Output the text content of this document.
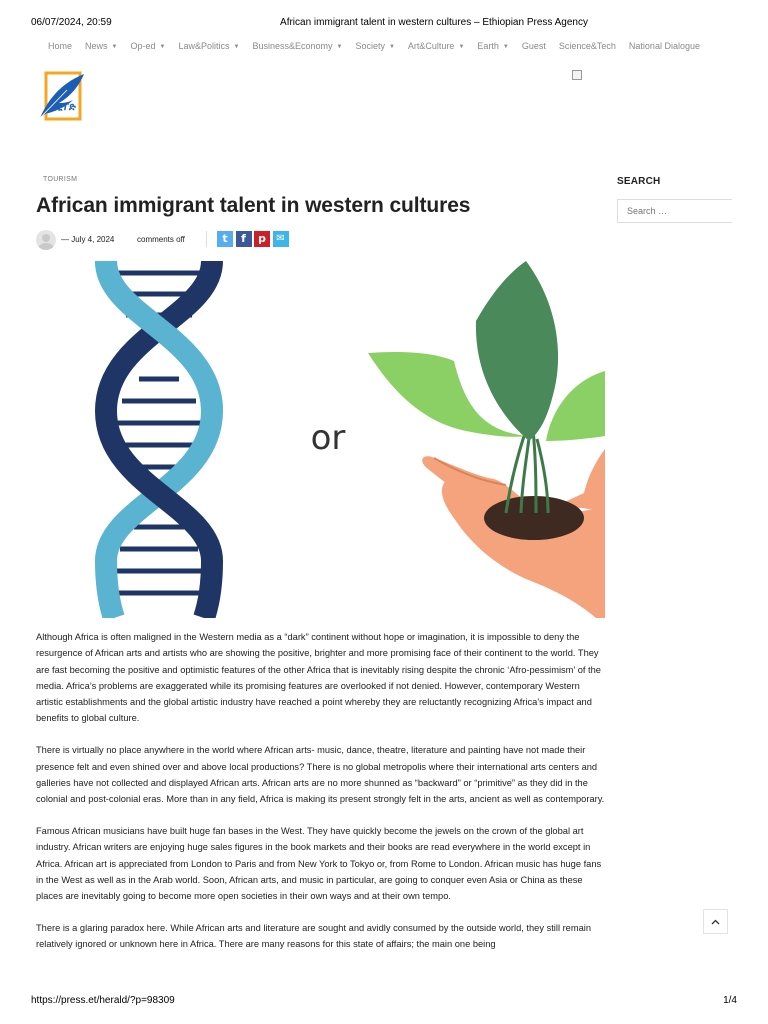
06/07/2024, 20:59	African immigrant talent in western cultures – Ethiopian Press Agency
Home News ▼ Op-ed ▼ Law&Politics ▼ Business&Economy ▼ Society ▼ Art&Culture ▼ Earth ▼ Guest Science&Tech National Dialogue
ኢፕድ
TOURISM
African immigrant talent in western cultures
— July 4, 2024	comments off	t	f	p	✉
or

Although Africa is often maligned in the Western media as a “dark” continent without hope or imagination, it is impossible to deny the resurgence of African arts and artists who are showing the positive, brighter and more promising face of their continent to the world. They are fast becoming the positive and optimistic features of the other Africa that is inevitably rising despite the chronic ‘Afro-pessimism’ of the media. Africa’s problems are exaggerated while its promising features are overlooked if not denied. However, contemporary Western artistic establishments and the global artistic industry have reached a point whereby they are reluctantly recognizing Africa’s impact and benefits to global culture.

There is virtually no place anywhere in the world where African arts- music, dance, theatre, literature and painting have not made their presence felt and even shined over and above local productions? There is no global metropolis where their international arts centers and galleries have not collected and displayed African arts. African arts are no more shunned as “backward” or “primitive” as they did in the colonial and post-colonial eras. More than in any field, Africa is making its present strongly felt in the arts, ancient as well as contemporary.

Famous African musicians have built huge fan bases in the West. They have quickly become the jewels on the crown of the global art industry. African writers are enjoying huge sales figures in the book markets and their books are read everywhere in the world except in Africa. African art is appreciated from London to Paris and from New York to Tokyo or, from Rome to London. African music has huge fans in the West as well as in the Arab world. Soon, African arts, and music in particular, are going to conquer even Asia or China as these places are inevitably going to become more open societies in their own ways and at their own tempo.

There is a glaring paradox here. While African arts and literature are sought and avidly consumed by the outside world, they still remain relatively ignored or unknown here in Africa. There are many reasons for this state of affairs; the main one being

SEARCH
Search …
https://press.et/herald/?p=98309	1/4
